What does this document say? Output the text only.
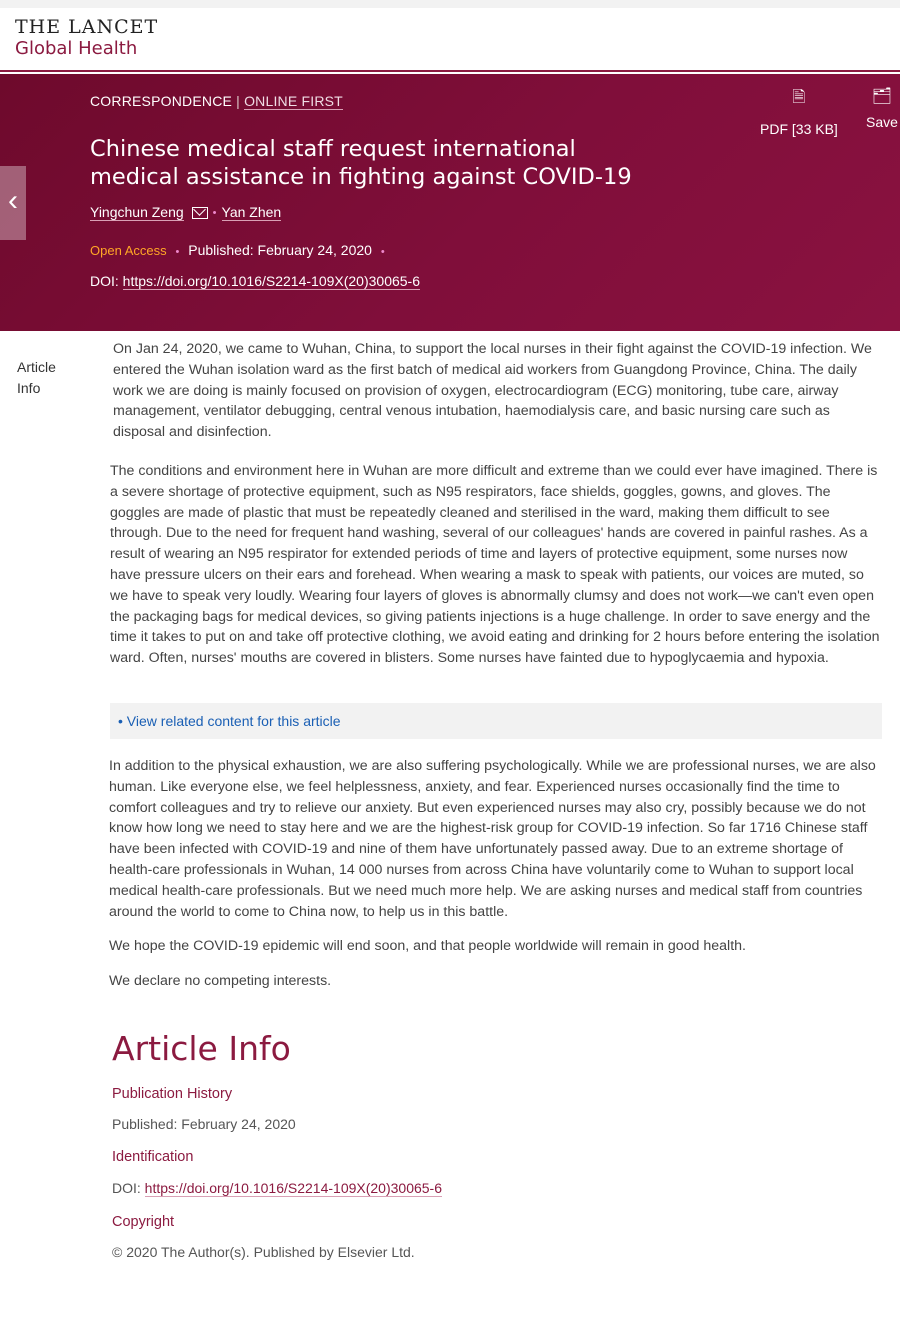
THE LANCET
Global Health
CORRESPONDENCE | ONLINE FIRST
Chinese medical staff request international medical assistance in fighting against COVID-19
Yingchun Zeng	• Yan Zhen
Open Access • Published: February 24, 2020 •
DOI: https://doi.org/10.1016/S2214-109X(20)30065-6
🗎
PDF [33 KB]
🗂
Save
‹
Article Info

On Jan 24, 2020, we came to Wuhan, China, to support the local nurses in their fight against the COVID-19 infection. We entered the Wuhan isolation ward as the first batch of medical aid workers from Guangdong Province, China. The daily work we are doing is mainly focused on provision of oxygen, electrocardiogram (ECG) monitoring, tube care, airway management, ventilator debugging, central venous intubation, haemodialysis care, and basic nursing care such as disposal and disinfection.

The conditions and environment here in Wuhan are more difficult and extreme than we could ever have imagined. There is a severe shortage of protective equipment, such as N95 respirators, face shields, goggles, gowns, and gloves. The goggles are made of plastic that must be repeatedly cleaned and sterilised in the ward, making them difficult to see through. Due to the need for frequent hand washing, several of our colleagues' hands are covered in painful rashes. As a result of wearing an N95 respirator for extended periods of time and layers of protective equipment, some nurses now have pressure ulcers on their ears and forehead. When wearing a mask to speak with patients, our voices are muted, so we have to speak very loudly. Wearing four layers of gloves is abnormally clumsy and does not work—we can't even open the packaging bags for medical devices, so giving patients injections is a huge challenge. In order to save energy and the time it takes to put on and take off protective clothing, we avoid eating and drinking for 2 hours before entering the isolation ward. Often, nurses' mouths are covered in blisters. Some nurses have fainted due to hypoglycaemia and hypoxia.

• View related content for this article

In addition to the physical exhaustion, we are also suffering psychologically. While we are professional nurses, we are also human. Like everyone else, we feel helplessness, anxiety, and fear. Experienced nurses occasionally find the time to comfort colleagues and try to relieve our anxiety. But even experienced nurses may also cry, possibly because we do not know how long we need to stay here and we are the highest-risk group for COVID-19 infection. So far 1716 Chinese staff have been infected with COVID-19 and nine of them have unfortunately passed away. Due to an extreme shortage of health-care professionals in Wuhan, 14 000 nurses from across China have voluntarily come to Wuhan to support local medical health-care professionals. But we need much more help. We are asking nurses and medical staff from countries around the world to come to China now, to help us in this battle.

We hope the COVID-19 epidemic will end soon, and that people worldwide will remain in good health.

We declare no competing interests.

Article Info
Publication History
Published: February 24, 2020
Identification
DOI: https://doi.org/10.1016/S2214-109X(20)30065-6
Copyright
© 2020 The Author(s). Published by Elsevier Ltd.
